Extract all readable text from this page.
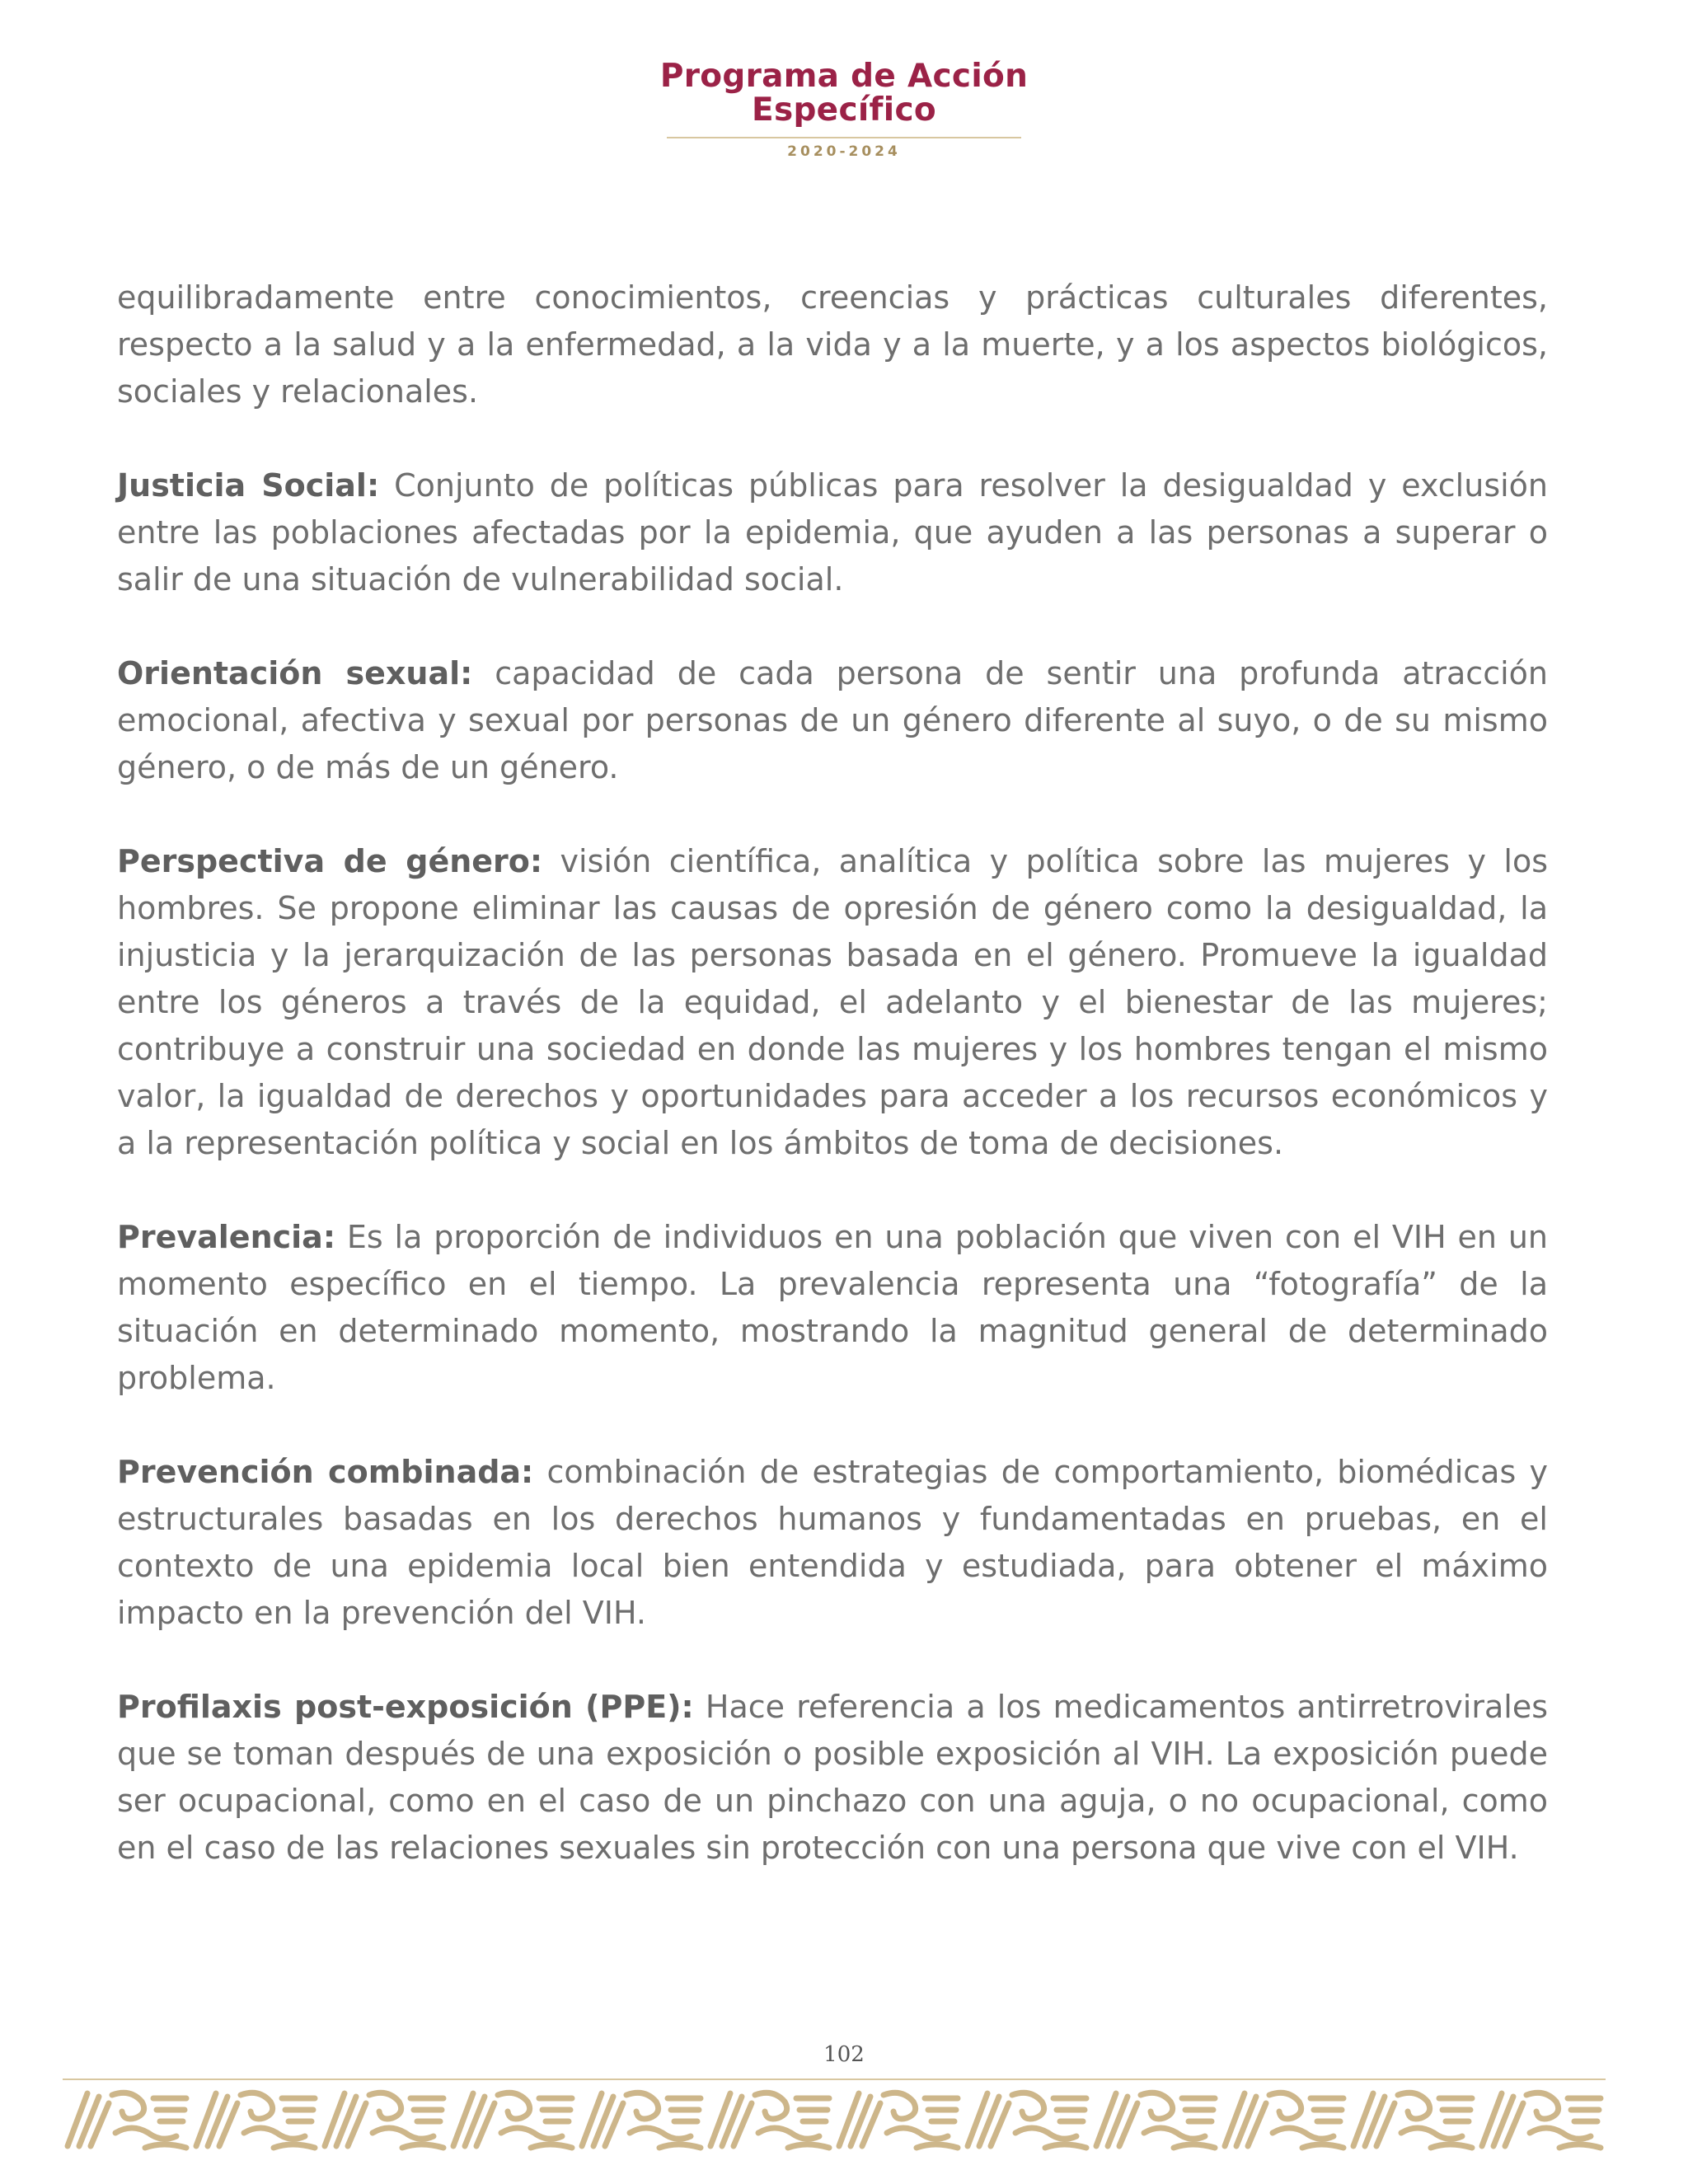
Programa de Acción
Específico
2020-2024

equilibradamente entre conocimientos, creencias y prácticas culturales diferentes, respecto a la salud y a la enfermedad, a la vida y a la muerte, y a los aspectos biológicos, sociales y relacionales.

Justicia Social: Conjunto de políticas públicas para resolver la desigualdad y exclusión entre las poblaciones afectadas por la epidemia, que ayuden a las personas a superar o salir de una situación de vulnerabilidad social.

Orientación sexual: capacidad de cada persona de sentir una profunda atracción emocional, afectiva y sexual por personas de un género diferente al suyo, o de su mismo género, o de más de un género.

Perspectiva de género: visión científica, analítica y política sobre las mujeres y los hombres. Se propone eliminar las causas de opresión de género como la desigualdad, la injusticia y la jerarquización de las personas basada en el género. Promueve la igualdad entre los géneros a través de la equidad, el adelanto y el bienestar de las mujeres; contribuye a construir una sociedad en donde las mujeres y los hombres tengan el mismo valor, la igualdad de derechos y oportunidades para acceder a los recursos económicos y a la representación política y social en los ámbitos de toma de decisiones.

Prevalencia: Es la proporción de individuos en una población que viven con el VIH en un momento específico en el tiempo. La prevalencia representa una “fotografía” de la situación en determinado momento, mostrando la magnitud general de determinado problema.

Prevención combinada: combinación de estrategias de comportamiento, biomédicas y estructurales basadas en los derechos humanos y fundamentadas en pruebas, en el contexto de una epidemia local bien entendida y estudiada, para obtener el máximo impacto en la prevención del VIH.

Profilaxis post-exposición (PPE): Hace referencia a los medicamentos antirretrovirales que se toman después de una exposición o posible exposición al VIH. La exposición puede ser ocupacional, como en el caso de un pinchazo con una aguja, o no ocupacional, como en el caso de las relaciones sexuales sin protección con una persona que vive con el VIH.

102
